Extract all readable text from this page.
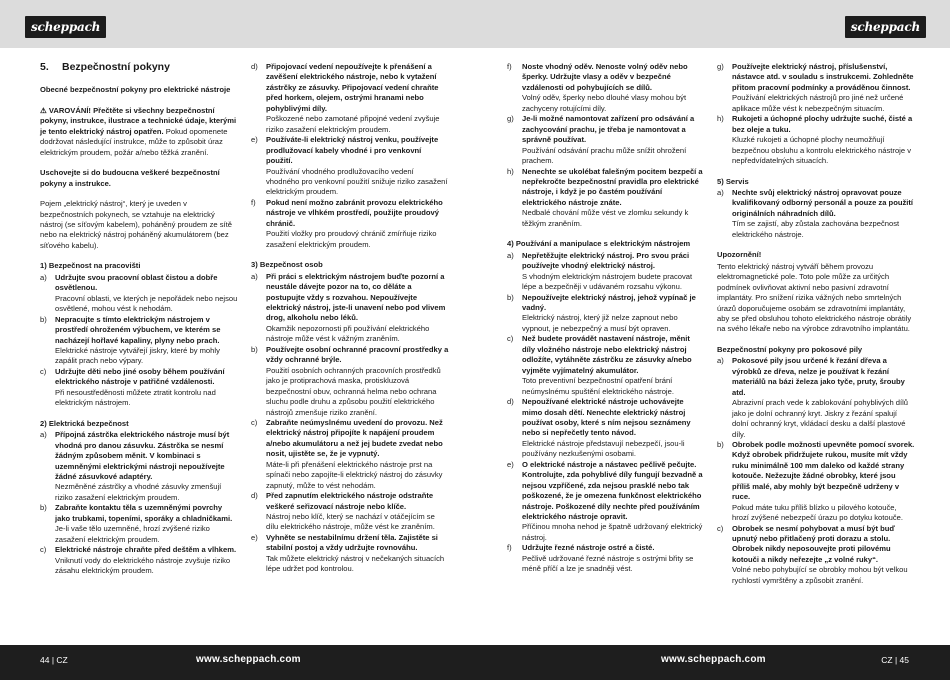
scheppach	scheppach
5. Bezpečnostní pokyny
Obecné bezpečnostní pokyny pro elektrické nástroje
⚠ VAROVÁNÍ! Přečtěte si všechny bezpečnostní pokyny, instrukce, ilustrace a technické údaje, kterými je tento elektrický nástroj opatřen. Pokud opomenete dodržovat následující instrukce, může to způsobit úraz elektrickým proudem, požár a/nebo těžká zranění.
Uschovejte si do budoucna veškeré bezpečnostní pokyny a instrukce.
Pojem „elektrický nástroj“, který je uveden v bezpečnostních pokynech, se vztahuje na elektrický nástroj (se síťovým kabelem), poháněný proudem ze sítě nebo na elektrický nástroj poháněný akumulátorem (bez síťového kabelu).
1) Bezpečnost na pracovišti
a) Udržujte svou pracovní oblast čistou a dobře osvětlenou.
Pracovní oblasti, ve kterých je nepořádek nebo nejsou osvětlené, mohou vést k nehodám.
b) Nepracujte s tímto elektrickým nástrojem v prostředí ohroženém výbuchem, ve kterém se nacházejí hořlavé kapaliny, plyny nebo prach.
Elektrické nástroje vytvářejí jiskry, které by mohly zapálit prach nebo výpary.
c) Udržujte děti nebo jiné osoby během používání elektrického nástroje v patřičné vzdálenosti.
Při nesoustředěnosti můžete ztratit kontrolu nad elektrickým nástrojem.
2) Elektrická bezpečnost
a) Přípojná zástrčka elektrického nástroje musí být vhodná pro danou zásuvku. Zástrčka se nesmí žádným způsobem měnit. V kombinaci s uzemněnými elektrickými nástroji nepoužívejte žádné zásuvkové adaptéry.
Nezměněné zástrčky a vhodné zásuvky zmenšují riziko zasažení elektrickým proudem.
b) Zabraňte kontaktu těla s uzemněnými povrchy jako trubkami, topeními, sporáky a chladničkami.
Je-li vaše tělo uzemněné, hrozí zvýšené riziko zasažení elektrickým proudem.
c) Elektrické nástroje chraňte před deštěm a vlhkem.
Vniknutí vody do elektrického nástroje zvyšuje riziko zásahu elektrickým proudem.
d) Připojovací vedení nepoužívejte k přenášení a zavěšení elektrického nástroje, nebo k vytažení zástrčky ze zásuvky. Připojovací vedení chraňte před horkem, olejem, ostrými hranami nebo pohyblivými díly.
Poškozené nebo zamotané připojné vedení zvyšuje riziko zasažení elektrickým proudem.
e) Používáte-li elektrický nástroj venku, používejte prodlužovací kabely vhodné i pro venkovní použití.
Používání vhodného prodlužovacího vedení vhodného pro venkovní použití snižuje riziko zasažení elektrickým proudem.
f) Pokud není možno zabránit provozu elektrického nástroje ve vlhkém prostředí, použijte proudový chránič.
Použití vložky pro proudový chránič zmírňuje riziko zasažení elektrickým proudem.
3) Bezpečnost osob
a) Při práci s elektrickým nástrojem buďte pozorní a neustále dávejte pozor na to, co děláte a postupujte vždy s rozvahou. Nepoužívejte elektrický nástroj, jste-li unavení nebo pod vlivem drog, alkoholu nebo léků.
Okamžik nepozornosti při používání elektrického nástroje může vést k vážným zraněním.
b) Používejte osobní ochranné pracovní prostředky a vždy ochranné brýle.
Použití osobních ochranných pracovních prostředků jako je protiprachová maska, protiskluzová bezpečnostní obuv, ochranná helma nebo ochrana sluchu podle druhu a způsobu použití elektrického nástrojů zmenšuje riziko zranění.
c) Zabraňte neúmyslnému uvedení do provozu. Než elektrický nástroj připojíte k napájení proudem a/nebo akumulátoru a než jej budete zvedat nebo nosit, ujistěte se, že je vypnutý.
Máte-li při přenášení elektrického nástroje prst na spínači nebo zapojíte-li elektrický nástroj do zásuvky zapnutý, může to vést nehodám.
d) Před zapnutím elektrického nástroje odstraňte veškeré seřizovací nástroje nebo klíče.
Nástroj nebo klíč, který se nachází v otáčejícím se dílu elektrického nástroje, může vést ke zraněním.
e) Vyhněte se nestabilnímu držení těla. Zajistěte si stabilní postoj a vždy udržujte rovnováhu.
Tak můžete elektrický nástroj v nečekaných situacích lépe udržet pod kontrolou.
f) Noste vhodný oděv. Nenoste volný oděv nebo šperky. Udržujte vlasy a oděv v bezpečné vzdálenosti od pohybujících se dílů.
Volný oděv, šperky nebo dlouhé vlasy mohou být zachyceny rotujícími díly.
g) Je-li možné namontovat zařízení pro odsávání a zachycování prachu, je třeba je namontovat a správně používat.
Používání odsávání prachu může snížit ohrožení prachem.
h) Nenechte se ukolébat falešným pocitem bezpečí a nepřekročte bezpečnostní pravidla pro elektrické nástroje, i když je po častém používání elektrického nástroje znáte.
Nedbalé chování může vést ve zlomku sekundy k těžkým zraněním.
4) Používání a manipulace s elektrickým nástrojem
a) Nepřetěžujte elektrický nástroj. Pro svou práci používejte vhodný elektrický nástroj.
S vhodným elektrickým nástrojem budete pracovat lépe a bezpečněji v udávaném rozsahu výkonu.
b) Nepoužívejte elektrický nástroj, jehož vypínač je vadný.
Elektrický nástroj, který již nelze zapnout nebo vypnout, je nebezpečný a musí být opraven.
c) Než budete provádět nastavení nástroje, měnit díly vložného nástroje nebo elektrický nástroj odložíte, vytáhněte zástrčku ze zásuvky a/nebo vyjměte vyjímatelný akumulátor.
Toto preventivní bezpečnostní opatření brání neúmyslnému spuštění elektrického nástroje.
d) Nepoužívané elektrické nástroje uchovávejte mimo dosah dětí. Nenechte elektrický nástroj používat osoby, které s ním nejsou seznámeny nebo si nepřečetly tento návod.
Elektrické nástroje představují nebezpečí, jsou-li používány nezkušenými osobami.
e) O elektrické nástroje a nástavec pečlivě pečujte. Kontrolujte, zda pohyblivé díly fungují bezvadně a nejsou vzpříčené, zda nejsou prasklé nebo tak poškozené, že je omezena funkčnost elektrického nástroje. Poškozené díly nechte před používáním elektrického nástroje opravit.
Příčinou mnoha nehod je špatně udržovaný elektrický nástroj.
f) Udržujte řezné nástroje ostré a čisté.
Pečlivě udržované řezné nástroje s ostrými břity se méně příčí a lze je snadněji vést.
g) Používejte elektrický nástroj, příslušenství, nástavce atd. v souladu s instrukcemi. Zohledněte přitom pracovní podmínky a prováděnou činnost.
Používání elektrických nástrojů pro jiné než určené aplikace může vést k nebezpečným situacím.
h) Rukojeti a úchopné plochy udržujte suché, čisté a bez oleje a tuku.
Kluzké rukojeti a úchopné plochy neumožňují bezpečnou obsluhu a kontrolu elektrického nástroje v nepředvídatelných situacích.
5) Servis
a) Nechte svůj elektrický nástroj opravovat pouze kvalifikovaný odborný personál a pouze za použití originálních náhradních dílů.
Tím se zajistí, aby zůstala zachována bezpečnost elektrického nástroje.
Upozornění!
Tento elektrický nástroj vytváří během provozu elektromagnetické pole. Toto pole může za určitých podmínek ovlivňovat aktivní nebo pasivní zdravotní implantáty. Pro snížení rizika vážných nebo smrtelných úrazů doporučujeme osobám se zdravotními implantáty, aby se před obsluhou tohoto elektrického nástroje obrátily na svého lékaře nebo na výrobce zdravotního implantátu.
Bezpečnostní pokyny pro pokosové pily
a) Pokosové pily jsou určené k řezání dřeva a výrobků ze dřeva, nelze je používat k řezání materiálů na bázi železa jako tyče, pruty, šrouby atd.
Abrazivní prach vede k zablokování pohyblivých dílů jako je dolní ochranný kryt. Jiskry z řezání spalují dolní ochranný kryt, vkládací desku a další plastové díly.
b) Obrobek podle možnosti upevněte pomocí svorek. Když obrobek přidržujete rukou, musíte mít vždy ruku minimálně 100 mm daleko od každé strany kotouče. Nežezujte žádné obrobky, které jsou příliš malé, aby mohly být bezpečně udrženy v ruce.
Pokud máte tuku příliš blízko u pilového kotouče, hrozí zvýšené nebezpečí úrazu po dotyku kotouče.
c) Obrobek se nesmí pohybovat a musí být buď upnutý nebo přitlačený proti dorazu a stolu. Obrobek nikdy neposouvejte proti pilovému kotouči a nikdy neřezejte „z volné ruky“.
Volné nebo pohybující se obrobky mohou být velkou rychlostí vymrštěny a způsobit zranění.
44 | CZ	www.scheppach.com	www.scheppach.com	CZ | 45
